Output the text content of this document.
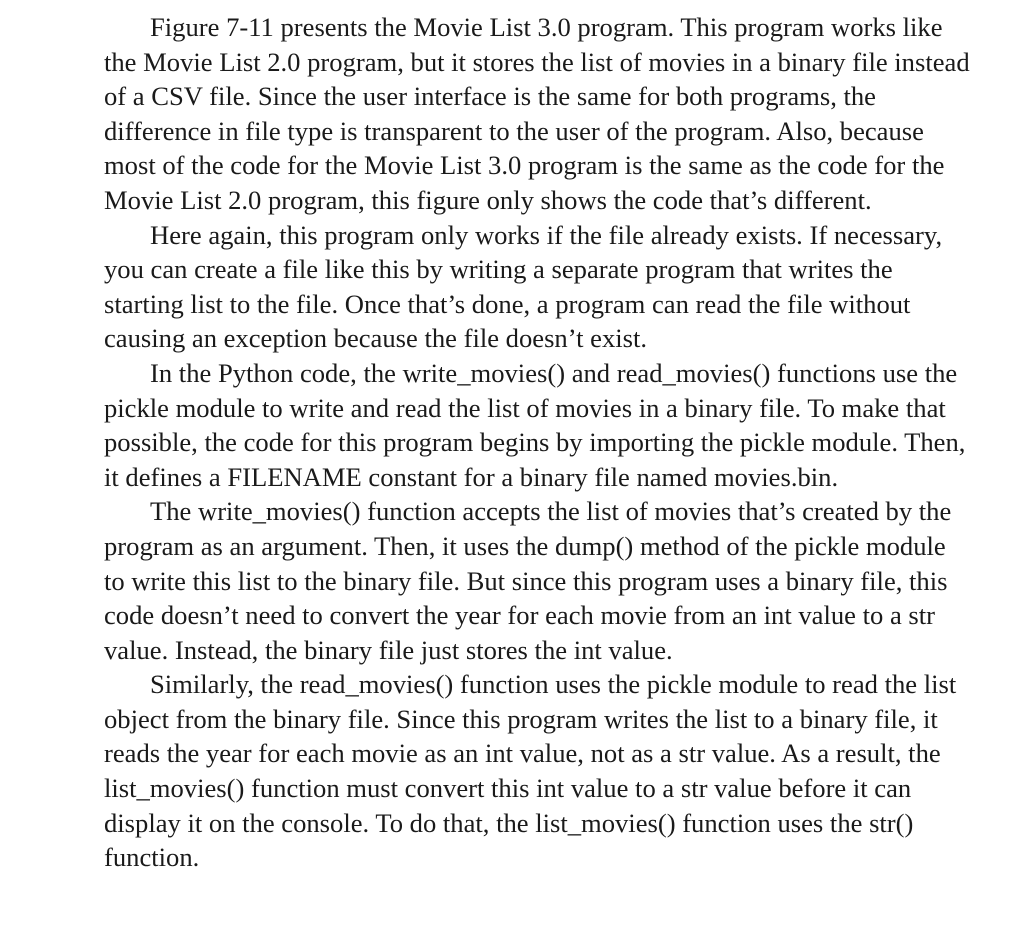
Figure 7-11 presents the Movie List 3.0 program. This program works like
the Movie List 2.0 program, but it stores the list of movies in a binary file instead
of a CSV file. Since the user interface is the same for both programs, the
difference in file type is transparent to the user of the program. Also, because
most of the code for the Movie List 3.0 program is the same as the code for the
Movie List 2.0 program, this figure only shows the code that’s different.
Here again, this program only works if the file already exists. If necessary,
you can create a file like this by writing a separate program that writes the
starting list to the file. Once that’s done, a program can read the file without
causing an exception because the file doesn’t exist.
In the Python code, the write_movies() and read_movies() functions use the
pickle module to write and read the list of movies in a binary file. To make that
possible, the code for this program begins by importing the pickle module. Then,
it defines a FILENAME constant for a binary file named movies.bin.
The write_movies() function accepts the list of movies that’s created by the
program as an argument. Then, it uses the dump() method of the pickle module
to write this list to the binary file. But since this program uses a binary file, this
code doesn’t need to convert the year for each movie from an int value to a str
value. Instead, the binary file just stores the int value.
Similarly, the read_movies() function uses the pickle module to read the list
object from the binary file. Since this program writes the list to a binary file, it
reads the year for each movie as an int value, not as a str value. As a result, the
list_movies() function must convert this int value to a str value before it can
display it on the console. To do that, the list_movies() function uses the str()
function.
